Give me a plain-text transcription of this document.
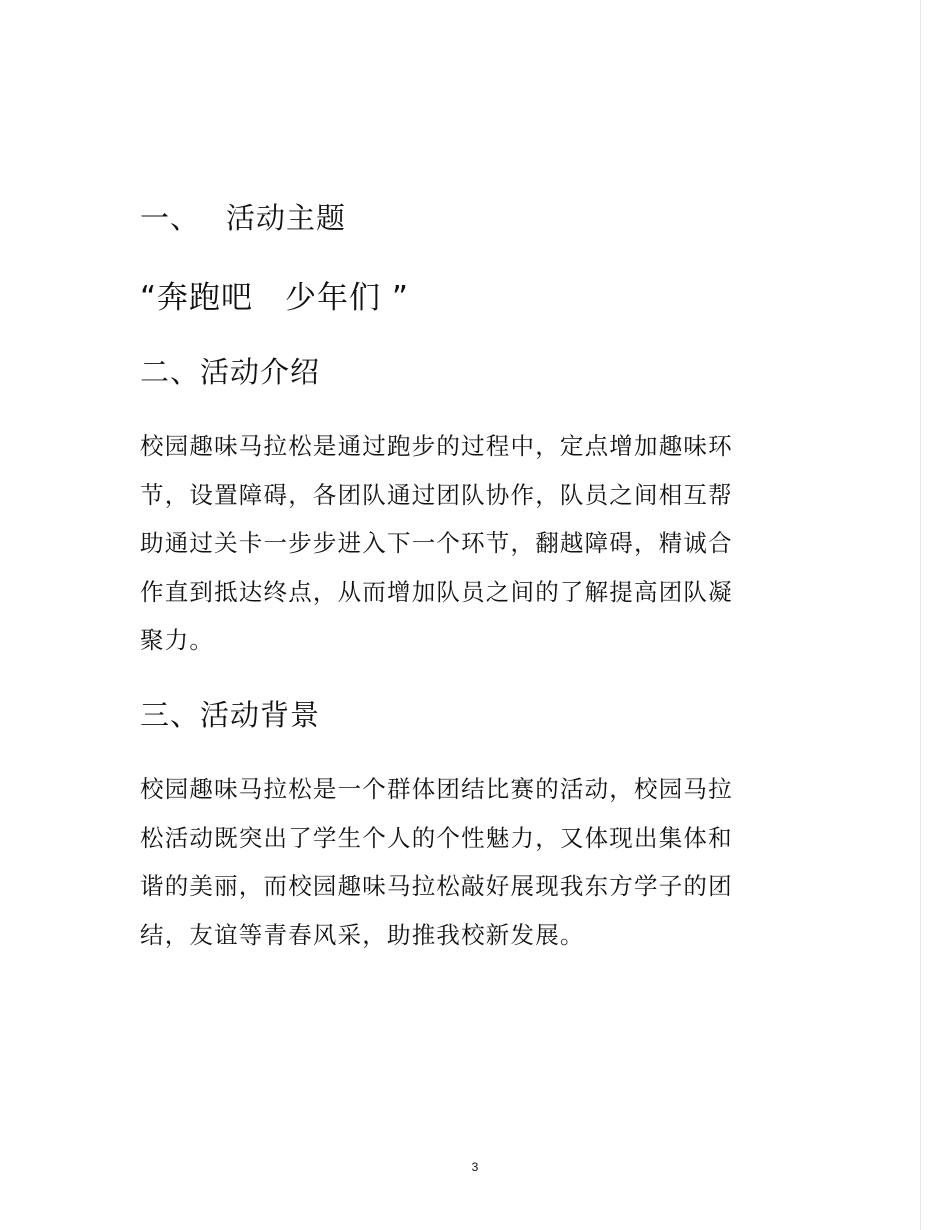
一、 活动主题
“奔跑吧　少年们 ”
二、活动介绍
校园趣味马拉松是通过跑步的过程中，定点增加趣味环
节，设置障碍，各团队通过团队协作，队员之间相互帮
助通过关卡一步步进入下一个环节，翻越障碍，精诚合
作直到抵达终点，从而增加队员之间的了解提高团队凝
聚力。
三、活动背景
校园趣味马拉松是一个群体团结比赛的活动，校园马拉
松活动既突出了学生个人的个性魅力，又体现出集体和
谐的美丽，而校园趣味马拉松敲好展现我东方学子的团
结，友谊等青春风采，助推我校新发展。
3
